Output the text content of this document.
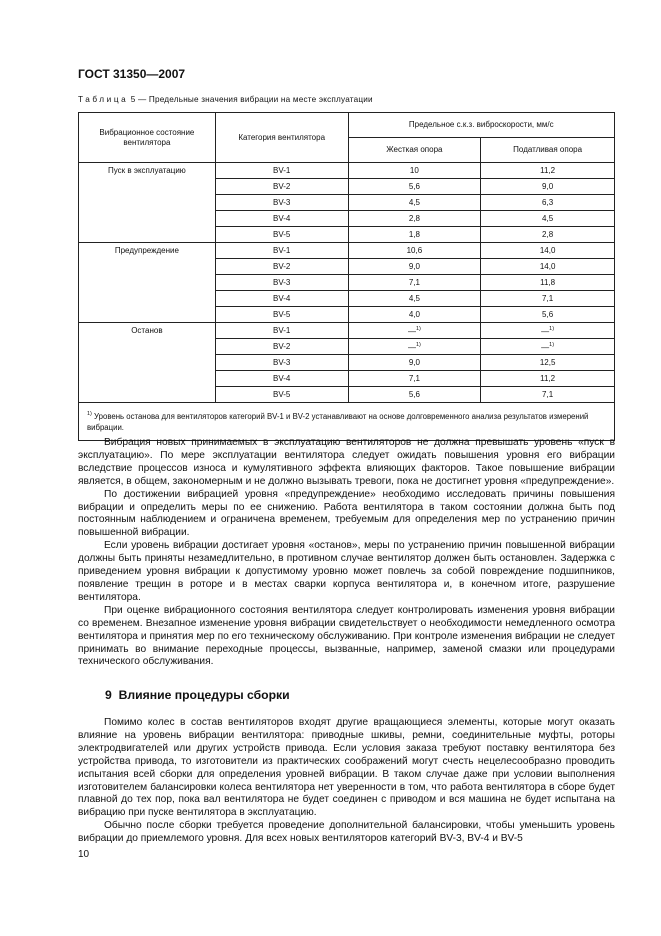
ГОСТ 31350—2007
Таблица 5 — Предельные значения вибрации на месте эксплуатации
Вибрационное состояние вентилятора	Категория вентилятора	Предельное с.к.з. виброскорости, мм/с	
		Жесткая опора	Податливая опора
Пуск в эксплуатацию	BV-1	10	11,2
	BV-2	5,6	9,0
	BV-3	4,5	6,3
	BV-4	2,8	4,5
	BV-5	1,8	2,8
Предупреждение	BV-1	10,6	14,0
	BV-2	9,0	14,0
	BV-3	7,1	11,8
	BV-4	4,5	7,1
	BV-5	4,0	5,6
Останов	BV-1	—$^{1)}$	—$^{1)}$
	BV-2	—$^{1)}$	—$^{1)}$
	BV-3	9,0	12,5
	BV-4	7,1	11,2
	BV-5	5,6	7,1
$^{1)}$ Уровень останова для вентиляторов категорий BV-1 и BV-2 устанавливают на основе долговременного анализа результатов измерений вибрации.			

Вибрация новых принимаемых в эксплуатацию вентиляторов не должна превышать уровень «пуск в эксплуатацию». По мере эксплуатации вентилятора следует ожидать повышения уровня его вибрации вследствие процессов износа и кумулятивного эффекта влияющих факторов. Такое повышение вибрации является, в общем, закономерным и не должно вызывать тревоги, пока не достигнет уровня «предупреждение».

По достижении вибрацией уровня «предупреждение» необходимо исследовать причины повышения вибрации и определить меры по ее снижению. Работа вентилятора в таком состоянии должна быть под постоянным наблюдением и ограничена временем, требуемым для определения мер по устранению причин повышенной вибрации.

Если уровень вибрации достигает уровня «останов», меры по устранению причин повышенной вибрации должны быть приняты незамедлительно, в противном случае вентилятор должен быть остановлен. Задержка с приведением уровня вибрации к допустимому уровню может повлечь за собой повреждение подшипников, появление трещин в роторе и в местах сварки корпуса вентилятора и, в конечном итоге, разрушение вентилятора.

При оценке вибрационного состояния вентилятора следует контролировать изменения уровня вибрации со временем. Внезапное изменение уровня вибрации свидетельствует о необходимости немедленного осмотра вентилятора и принятия мер по его техническому обслуживанию. При контроле изменения вибрации не следует принимать во внимание переходные процессы, вызванные, например, заменой смазки или процедурами технического обслуживания.

9 Влияние процедуры сборки

Помимо колес в состав вентиляторов входят другие вращающиеся элементы, которые могут оказать влияние на уровень вибрации вентилятора: приводные шкивы, ремни, соединительные муфты, роторы электродвигателей или других устройств привода. Если условия заказа требуют поставку вентилятора без устройства привода, то изготовители из практических соображений могут счесть нецелесообразно проводить испытания всей сборки для определения уровней вибрации. В таком случае даже при условии выполнения изготовителем балансировки колеса вентилятора нет уверенности в том, что работа вентилятора в сборе будет плавной до тех пор, пока вал вентилятора не будет соединен с приводом и вся машина не будет испытана на вибрацию при пуске вентилятора в эксплуатацию.

Обычно после сборки требуется проведение дополнительной балансировки, чтобы уменьшить уровень вибрации до приемлемого уровня. Для всех новых вентиляторов категорий BV-3, BV-4 и BV-5

10
